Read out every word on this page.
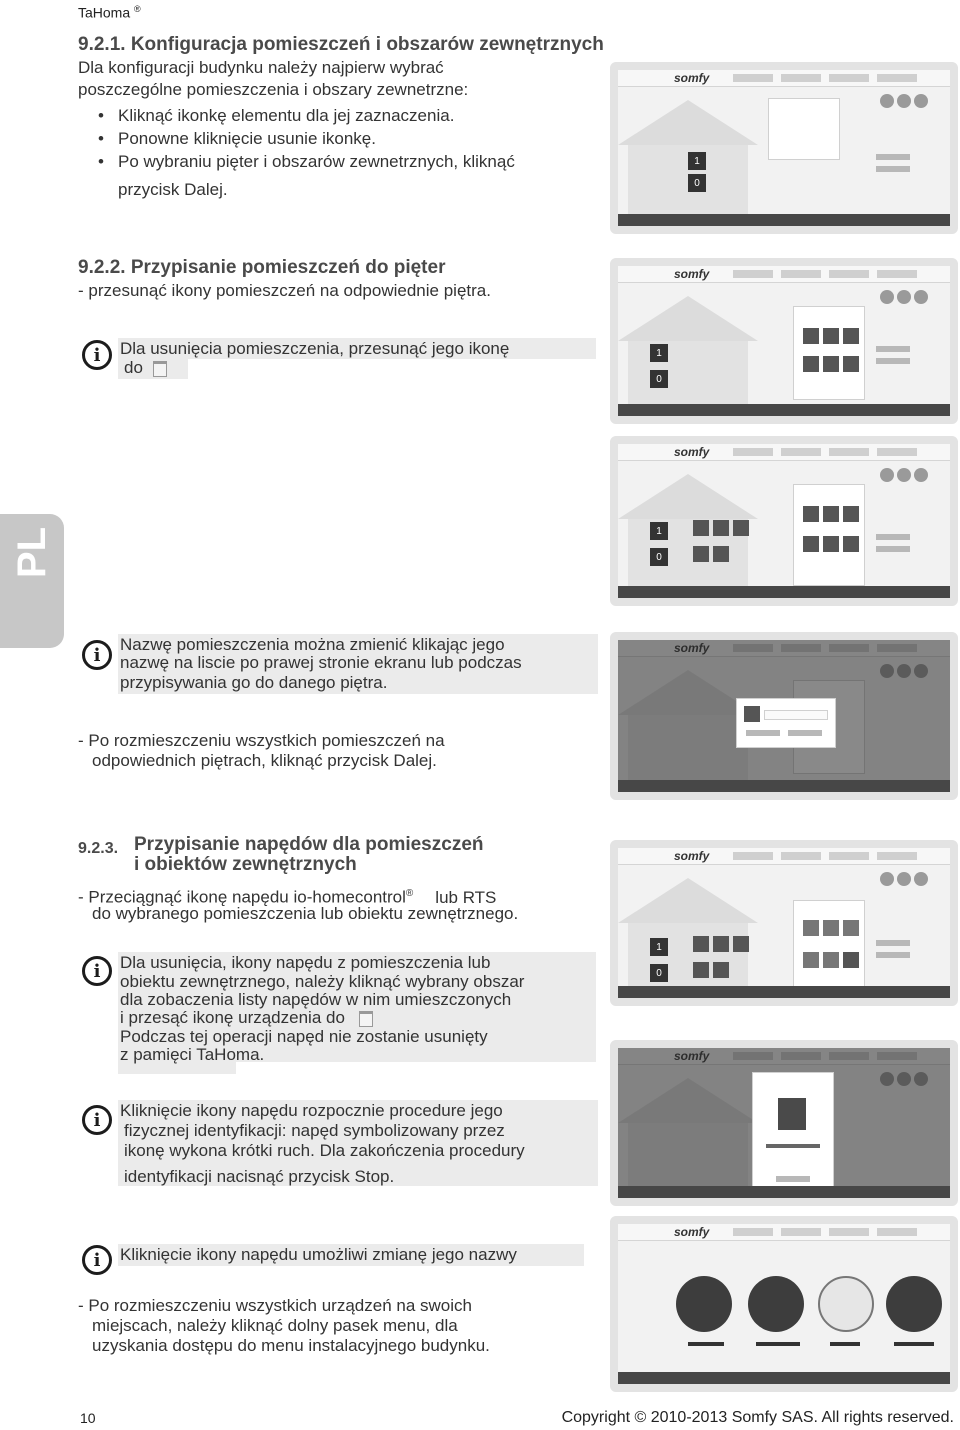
TaHoma ®
9.2.1. Konfiguracja pomieszczeń i obszarów zewnętrznych
Dla konfiguracji budynku należy najpierw wybrać
poszczególne pomieszczenia i obszary zewnetrzne:
• Kliknąć ikonkę elementu dla jej zaznaczenia.
• Ponowne kliknięcie usunie ikonkę.
• Po wybraniu pięter i obszarów zewnetrznych, kliknąć
przycisk Dalej.
somfy
1
0
9.2.2. Przypisanie pomieszczeń do pięter
- przesunąć ikony pomieszczeń na odpowiednie piętra.
i	Dla usunięcia pomieszczenia, przesunąć jego ikonę
do
somfy
1
0
somfy
1
0
PL
i	Nazwę pomieszczenia można zmienić klikając jego
nazwę na liscie po prawej stronie ekranu lub podczas
przypisywania go do danego piętra.
- Po rozmieszczeniu wszystkich pomieszczeń na
odpowiednich piętrach, kliknąć przycisk Dalej.
9.2.3. Przypisanie napędów dla pomieszczeń
i obiektów zewnętrznych
- Przeciągnąć ikonę napędu io-homecontrol® lub RTS
do wybranego pomieszczenia lub obiektu zewnętrznego.
somfy
1
0
i	Dla usunięcia, ikony napędu z pomieszczenia lub
obiektu zewnętrznego, należy kliknąć wybrany obszar
dla zobaczenia listy napędów w nim umieszczonych
i przesąć ikonę urządzenia do
Podczas tej operacji napęd nie zostanie usunięty
z pamięci TaHoma.
i	Kliknięcie ikony napędu rozpocznie procedure jego
fizycznej identyfikacji: napęd symbolizowany przez
ikonę wykona krótki ruch. Dla zakończenia procedury
identyfikacji nacisnąć przycisk Stop.
i	Kliknięcie ikony napędu umożliwi zmianę jego nazwy
somfy
- Po rozmieszczeniu wszystkich urządzeń na swoich
miejscach, należy kliknąć dolny pasek menu, dla
uzyskania dostępu do menu instalacyjnego budynku.
10	Copyright © 2010-2013 Somfy SAS. All rights reserved.
